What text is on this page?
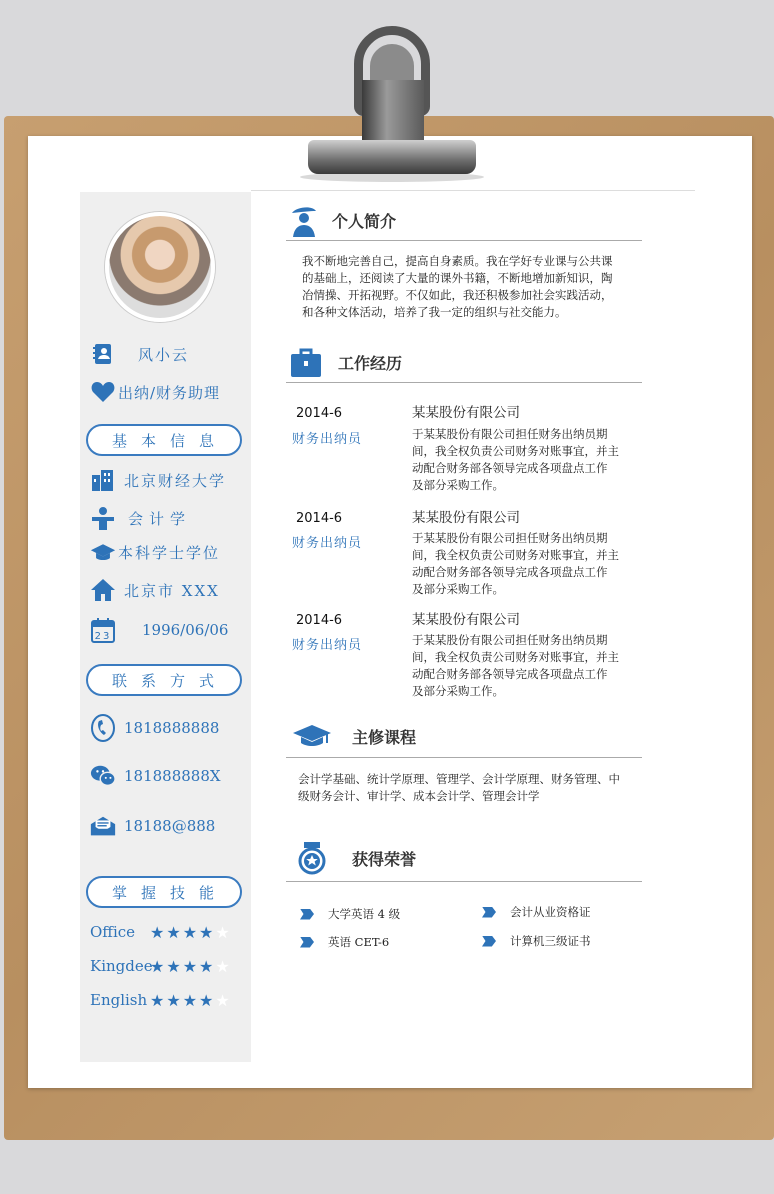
风小云
出纳/财务助理
基本信息
北京财经大学
会计学
本科学士学位
北京市 XXX
23 1996/06/06
联系方式
1818888888
181888888X
18188@888
掌握技能
Office ★★★★★
Kingdee
★★★★★
English ★★★★★
个人简介
我不断地完善自己，提高自身素质。我在学好专业课与公共课
的基础上，还阅读了大量的课外书籍，不断地增加新知识，陶
冶情操、开拓视野。不仅如此，我还积极参加社会实践活动，
和各种文体活动，培养了我一定的组织与社交能力。
工作经历
2014-6
财务出纳员
某某股份有限公司
于某某股份有限公司担任财务出纳员期
间，我全权负责公司财务对账事宜，并主
动配合财务部各领导完成各项盘点工作
及部分采购工作。
2014-6
财务出纳员
某某股份有限公司
于某某股份有限公司担任财务出纳员期
间，我全权负责公司财务对账事宜，并主
动配合财务部各领导完成各项盘点工作
及部分采购工作。
2014-6
财务出纳员
某某股份有限公司
于某某股份有限公司担任财务出纳员期
间，我全权负责公司财务对账事宜，并主
动配合财务部各领导完成各项盘点工作
及部分采购工作。
主修课程
会计学基础、统计学原理、管理学、会计学原理、财务管理、中
级财务会计、审计学、成本会计学、管理会计学
获得荣誉
大学英语 4 级	会计从业资格证
英语 CET-6	计算机三级证书
